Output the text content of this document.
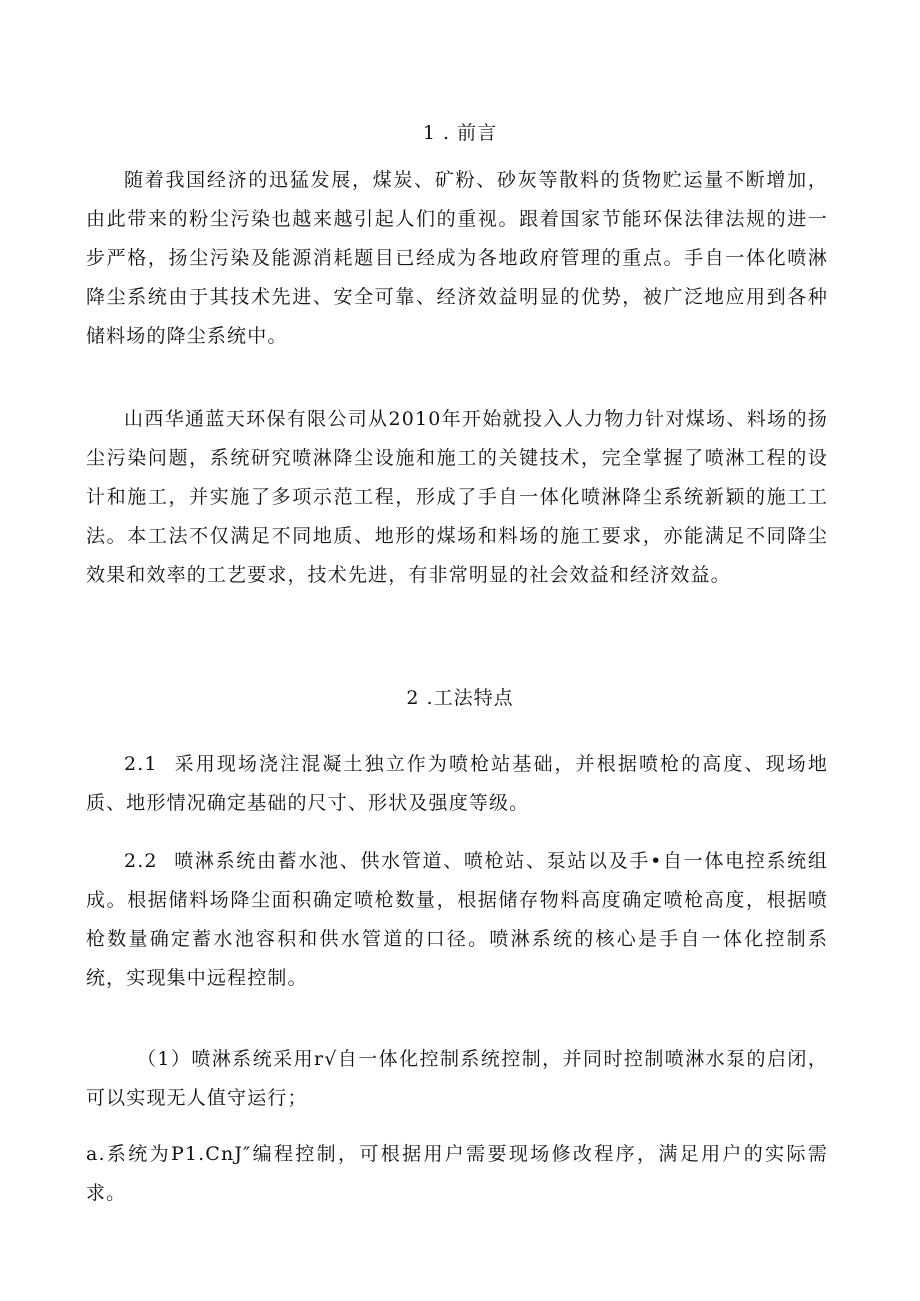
1 . 前言

随着我国经济的迅猛发展，煤炭、矿粉、砂灰等散料的货物贮运量不断增加，由此带来的粉尘污染也越来越引起人们的重视。跟着国家节能环保法律法规的进一步严格，扬尘污染及能源消耗题目已经成为各地政府管理的重点。手自一体化喷淋降尘系统由于其技术先进、安全可靠、经济效益明显的优势，被广泛地应用到各种储料场的降尘系统中。

山西华通蓝天环保有限公司从2010年开始就投入人力物力针对煤场、料场的扬尘污染问题，系统研究喷淋降尘设施和施工的关键技术，完全掌握了喷淋工程的设计和施工，并实施了多项示范工程，形成了手自一体化喷淋降尘系统新颖的施工工法。本工法不仅满足不同地质、地形的煤场和料场的施工要求，亦能满足不同降尘效果和效率的工艺要求，技术先进，有非常明显的社会效益和经济效益。

2 .工法特点

2.1 采用现场浇注混凝土独立作为喷枪站基础，并根据喷枪的高度、现场地质、地形情况确定基础的尺寸、形状及强度等级。

2.2 喷淋系统由蓄水池、供水管道、喷枪站、泵站以及手•自一体电控系统组成。根据储料场降尘面积确定喷枪数量，根据储存物料高度确定喷枪高度，根据喷枪数量确定蓄水池容积和供水管道的口径。喷淋系统的核心是手自一体化控制系统，实现集中远程控制。

（1）喷淋系统采用r√自一体化控制系统控制，并同时控制喷淋水泵的启闭，可以实现无人值守运行；

a.系统为P1.CnJ″编程控制，可根据用户需要现场修改程序，满足用户的实际需求。
